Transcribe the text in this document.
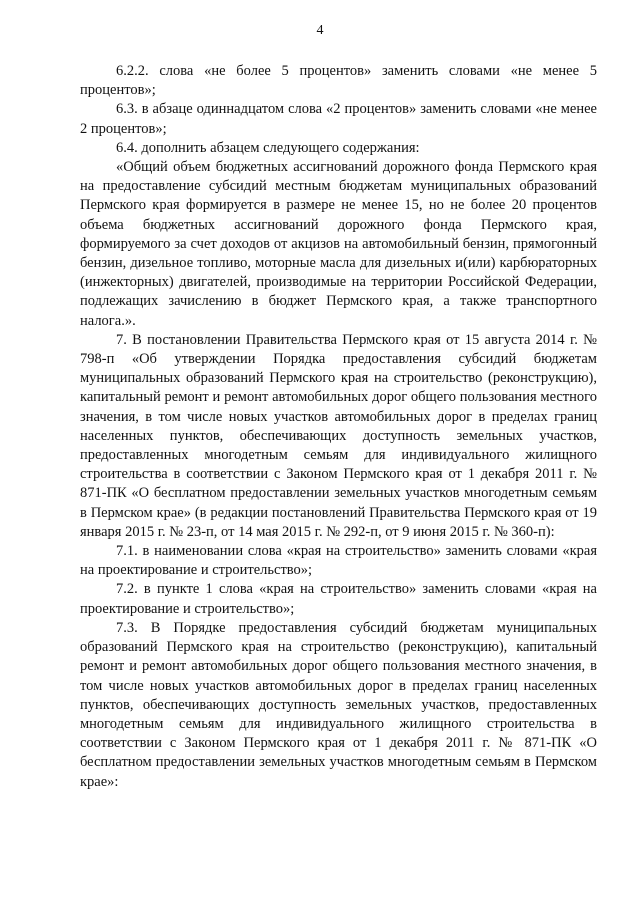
4

6.2.2. слова «не более 5 процентов» заменить словами «не менее 5 процентов»;

6.3. в абзаце одиннадцатом слова «2 процентов» заменить словами «не менее 2 процентов»;

6.4. дополнить абзацем следующего содержания:

«Общий объем бюджетных ассигнований дорожного фонда Пермского края на предоставление субсидий местным бюджетам муниципальных образований Пермского края формируется в размере не менее 15, но не более 20 процентов объема бюджетных ассигнований дорожного фонда Пермского края, формируемого за счет доходов от акцизов на автомобильный бензин, прямогонный бензин, дизельное топливо, моторные масла для дизельных и(или) карбюраторных (инжекторных) двигателей, производимые на территории Российской Федерации, подлежащих зачислению в бюджет Пермского края, а также транспортного налога.».

7. В постановлении Правительства Пермского края от 15 августа 2014 г. № 798-п «Об утверждении Порядка предоставления субсидий бюджетам муниципальных образований Пермского края на строительство (реконструкцию), капитальный ремонт и ремонт автомобильных дорог общего пользования местного значения, в том числе новых участков автомобильных дорог в пределах границ населенных пунктов, обеспечивающих доступность земельных участков, предоставленных многодетным семьям для индивидуального жилищного строительства в соответствии с Законом Пермского края от 1 декабря 2011 г. № 871-ПК «О бесплатном предоставлении земельных участков многодетным семьям в Пермском крае» (в редакции постановлений Правительства Пермского края от 19 января 2015 г. № 23-п, от 14 мая 2015 г. № 292-п, от 9 июня 2015 г. № 360-п):

7.1. в наименовании слова «края на строительство» заменить словами «края на проектирование и строительство»;

7.2. в пункте 1 слова «края на строительство» заменить словами «края на проектирование и строительство»;

7.3. В Порядке предоставления субсидий бюджетам муниципальных образований Пермского края на строительство (реконструкцию), капитальный ремонт и ремонт автомобильных дорог общего пользования местного значения, в том числе новых участков автомобильных дорог в пределах границ населенных пунктов, обеспечивающих доступность земельных участков, предоставленных многодетным семьям для индивидуального жилищного строительства в соответствии с Законом Пермского края от 1 декабря 2011 г. № 871-ПК «О бесплатном предоставлении земельных участков многодетным семьям в Пермском крае»:
